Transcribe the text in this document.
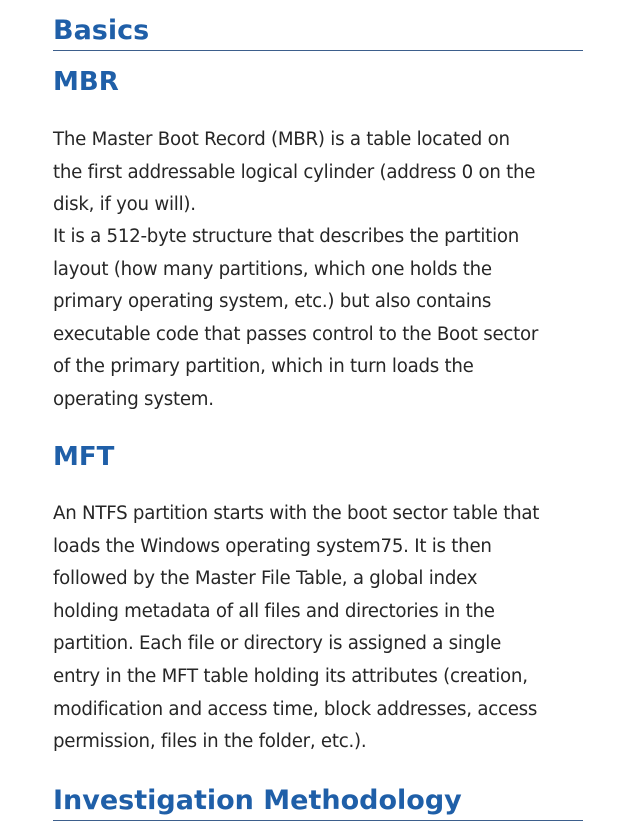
Basics
MBR

The Master Boot Record (MBR) is a table located on
the first addressable logical cylinder (address 0 on the
disk, if you will).

It is a 512-byte structure that describes the partition
layout (how many partitions, which one holds the
primary operating system, etc.) but also contains
executable code that passes control to the Boot sector
of the primary partition, which in turn loads the
operating system.

MFT

An NTFS partition starts with the boot sector table that
loads the Windows operating system75. It is then
followed by the Master File Table, a global index
holding metadata of all files and directories in the
partition. Each file or directory is assigned a single
entry in the MFT table holding its attributes (creation,
modification and access time, block addresses, access
permission, files in the folder, etc.).

Investigation Methodology
